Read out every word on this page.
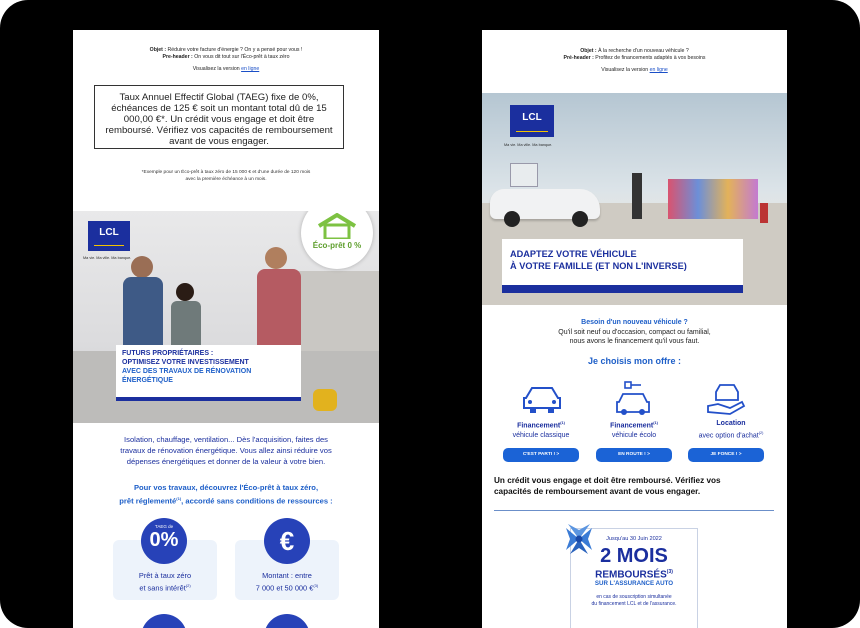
Objet : Réduire votre facture d'énergie ? On y a pensé pour vous !
Pre-header : On vous dit tout sur l'Éco-prêt à taux zéro
Visualisez la version en ligne
Taux Annuel Effectif Global (TAEG) fixe de 0%, échéances de 125 € soit un montant total dû de 15 000,00 €*. Un crédit vous engage et doit être remboursé. Vérifiez vos capacités de remboursement avant de vous engager.
*Exemple pour un Éco-prêt à taux zéro de 15 000 € et d'une durée de 120 mois
avec la première échéance à un mois.
LCL
Ma vie. Ma ville. Ma banque.
Éco-prêt 0 %
FUTURS PROPRIÉTAIRES :
OPTIMISEZ VOTRE INVESTISSEMENT
AVEC DES TRAVAUX DE RÉNOVATION
ÉNERGÉTIQUE
Isolation, chauffage, ventilation... Dès l'acquisition, faites des
travaux de rénovation énergétique. Vous allez ainsi réduire vos
dépenses énergétiques et donner de la valeur à votre bien.
Pour vos travaux, découvrez l'Éco-prêt à taux zéro,
prêt réglementé$^{(1)}$, accordé sans conditions de ressources :
TAEG de
0%
Prêt à taux zéro
et sans intérêt$^{(2)}$
€
Montant : entre
7 000 et 50 000 €$^{(3)}$
Objet : À la recherche d'un nouveau véhicule ?
Pré-header : Profitez de financements adaptés à vos besoins
Visualisez la version en ligne
LCL
Ma vie. Ma ville. Ma banque.
ADAPTEZ VOTRE VÉHICULE
À VOTRE FAMILLE (ET NON L'INVERSE)
Besoin d'un nouveau véhicule ?
Qu'il soit neuf ou d'occasion, compact ou familial,
nous avons le financement qu'il vous faut.
Je choisis mon offre :
Financement$^{(1)}$
véhicule classique
Financement$^{(1)}$
véhicule écolo
Location
avec option d'achat$^{(2)}$
C'EST PARTI ! >	EN ROUTE ! >	JE FONCE ! >
Un crédit vous engage et doit être remboursé. Vérifiez vos
capacités de remboursement avant de vous engager.
Jusqu'au 30 Juin 2022
2 MOIS
REMBOURSÉS$^{(3)}$
SUR L'ASSURANCE AUTO
en cas de souscription simultanée
du financement LCL et de l'assurance.
